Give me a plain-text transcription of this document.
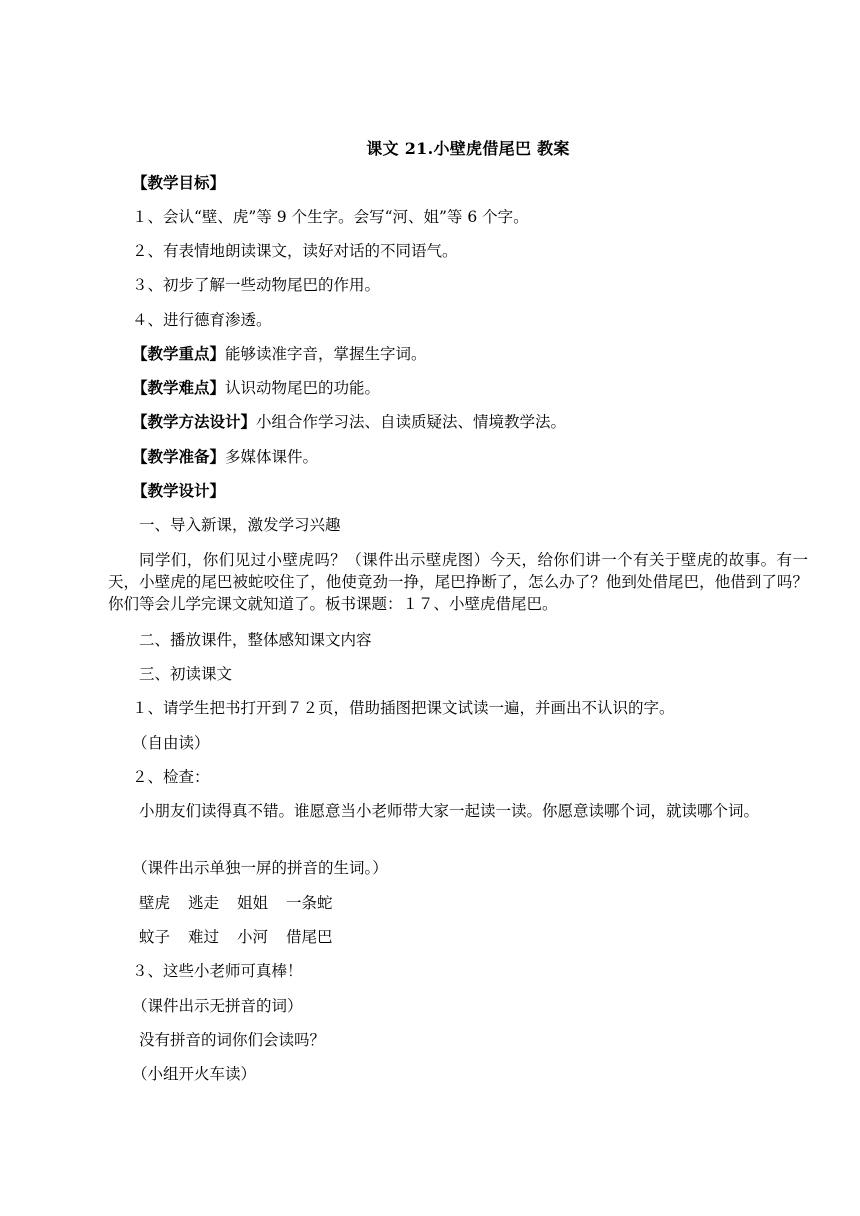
课文 21.小壁虎借尾巴 教案
【教学目标】
１、会认“壁、虎”等 9 个生字。会写“河、姐”等 6 个字。
２、有表情地朗读课文，读好对话的不同语气。
３、初步了解一些动物尾巴的作用。
４、进行德育渗透。
【教学重点】能够读准字音，掌握生字词。
【教学难点】认识动物尾巴的功能。
【教学方法设计】小组合作学习法、自读质疑法、情境教学法。
【教学准备】多媒体课件。
【教学设计】
一、导入新课，激发学习兴趣
同学们，你们见过小壁虎吗？（课件出示壁虎图）今天，给你们讲一个有关于壁虎的故事。有一天，小壁虎的尾巴被蛇咬住了，他使竟劲一挣，尾巴挣断了，怎么办了？他到处借尾巴，他借到了吗？你们等会儿学完课文就知道了。板书课题：１７、小壁虎借尾巴。
二、播放课件，整体感知课文内容
三、初读课文
１、请学生把书打开到７２页，借助插图把课文试读一遍，并画出不认识的字。
（自由读）
２、检查：
小朋友们读得真不错。谁愿意当小老师带大家一起读一读。你愿意读哪个词，就读哪个词。
（课件出示单独一屏的拼音的生词。）
壁虎 逃走 姐姐 一条蛇
蚊子 难过 小河 借尾巴
３、这些小老师可真棒！
（课件出示无拼音的词）
没有拼音的词你们会读吗？
（小组开火车读）
